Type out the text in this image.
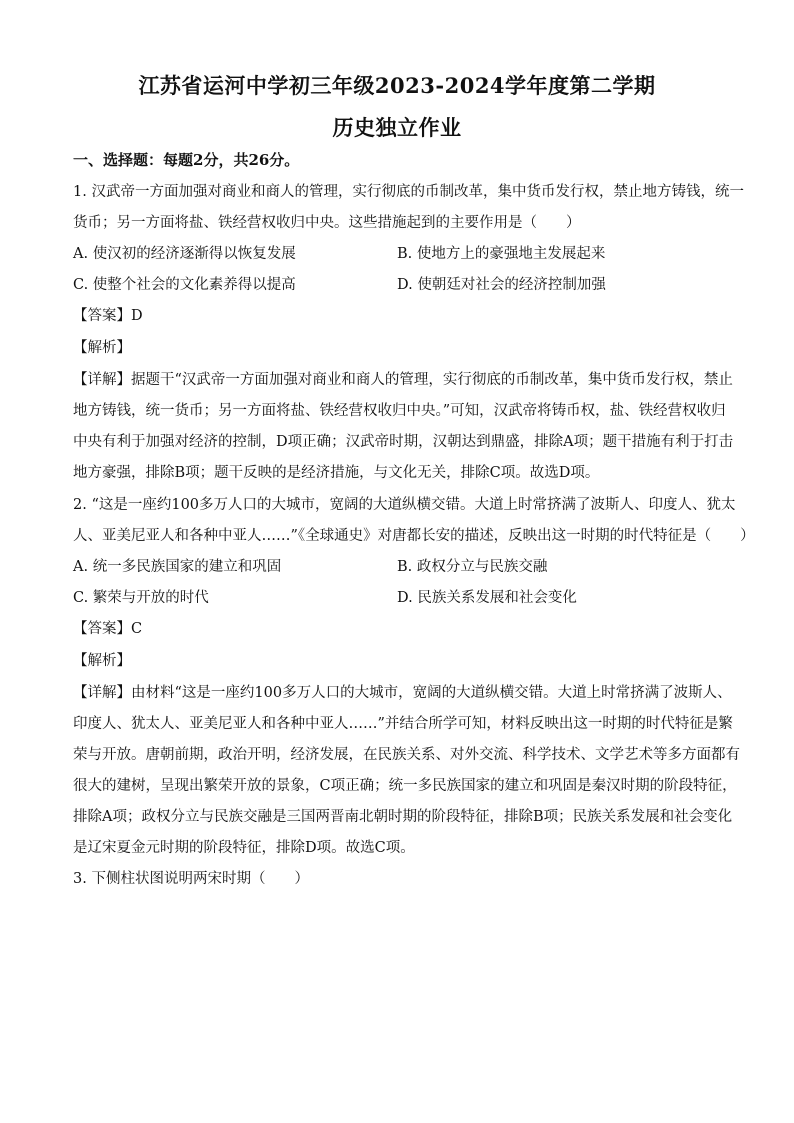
江苏省运河中学初三年级2023-2024学年度第二学期
历史独立作业
一、选择题：每题2分，共26分。
1. 汉武帝一方面加强对商业和商人的管理，实行彻底的币制改革，集中货币发行权，禁止地方铸钱，统一
货币；另一方面将盐、铁经营权收归中央。这些措施起到的主要作用是（　　）
A. 使汉初的经济逐渐得以恢复发展	B. 使地方上的豪强地主发展起来
C. 使整个社会的文化素养得以提高	D. 使朝廷对社会的经济控制加强
【答案】D
【解析】
【详解】据题干“汉武帝一方面加强对商业和商人的管理，实行彻底的币制改革，集中货币发行权，禁止
地方铸钱，统一货币；另一方面将盐、铁经营权收归中央。”可知，汉武帝将铸币权，盐、铁经营权收归
中央有利于加强对经济的控制，D项正确；汉武帝时期，汉朝达到鼎盛，排除A项；题干措施有利于打击
地方豪强，排除B项；题干反映的是经济措施，与文化无关，排除C项。故选D项。
2. “这是一座约100多万人口的大城市，宽阔的大道纵横交错。大道上时常挤满了波斯人、印度人、犹太
人、亚美尼亚人和各种中亚人……”《全球通史》对唐都长安的描述，反映出这一时期的时代特征是（　　）
A. 统一多民族国家的建立和巩固	B. 政权分立与民族交融
C. 繁荣与开放的时代	D. 民族关系发展和社会变化
【答案】C
【解析】
【详解】由材料“这是一座约100多万人口的大城市，宽阔的大道纵横交错。大道上时常挤满了波斯人、
印度人、犹太人、亚美尼亚人和各种中亚人……”并结合所学可知，材料反映出这一时期的时代特征是繁
荣与开放。唐朝前期，政治开明，经济发展，在民族关系、对外交流、科学技术、文学艺术等多方面都有
很大的建树，呈现出繁荣开放的景象，C项正确；统一多民族国家的建立和巩固是秦汉时期的阶段特征，
排除A项；政权分立与民族交融是三国两晋南北朝时期的阶段特征，排除B项；民族关系发展和社会变化
是辽宋夏金元时期的阶段特征，排除D项。故选C项。
3. 下侧柱状图说明两宋时期（　　）
